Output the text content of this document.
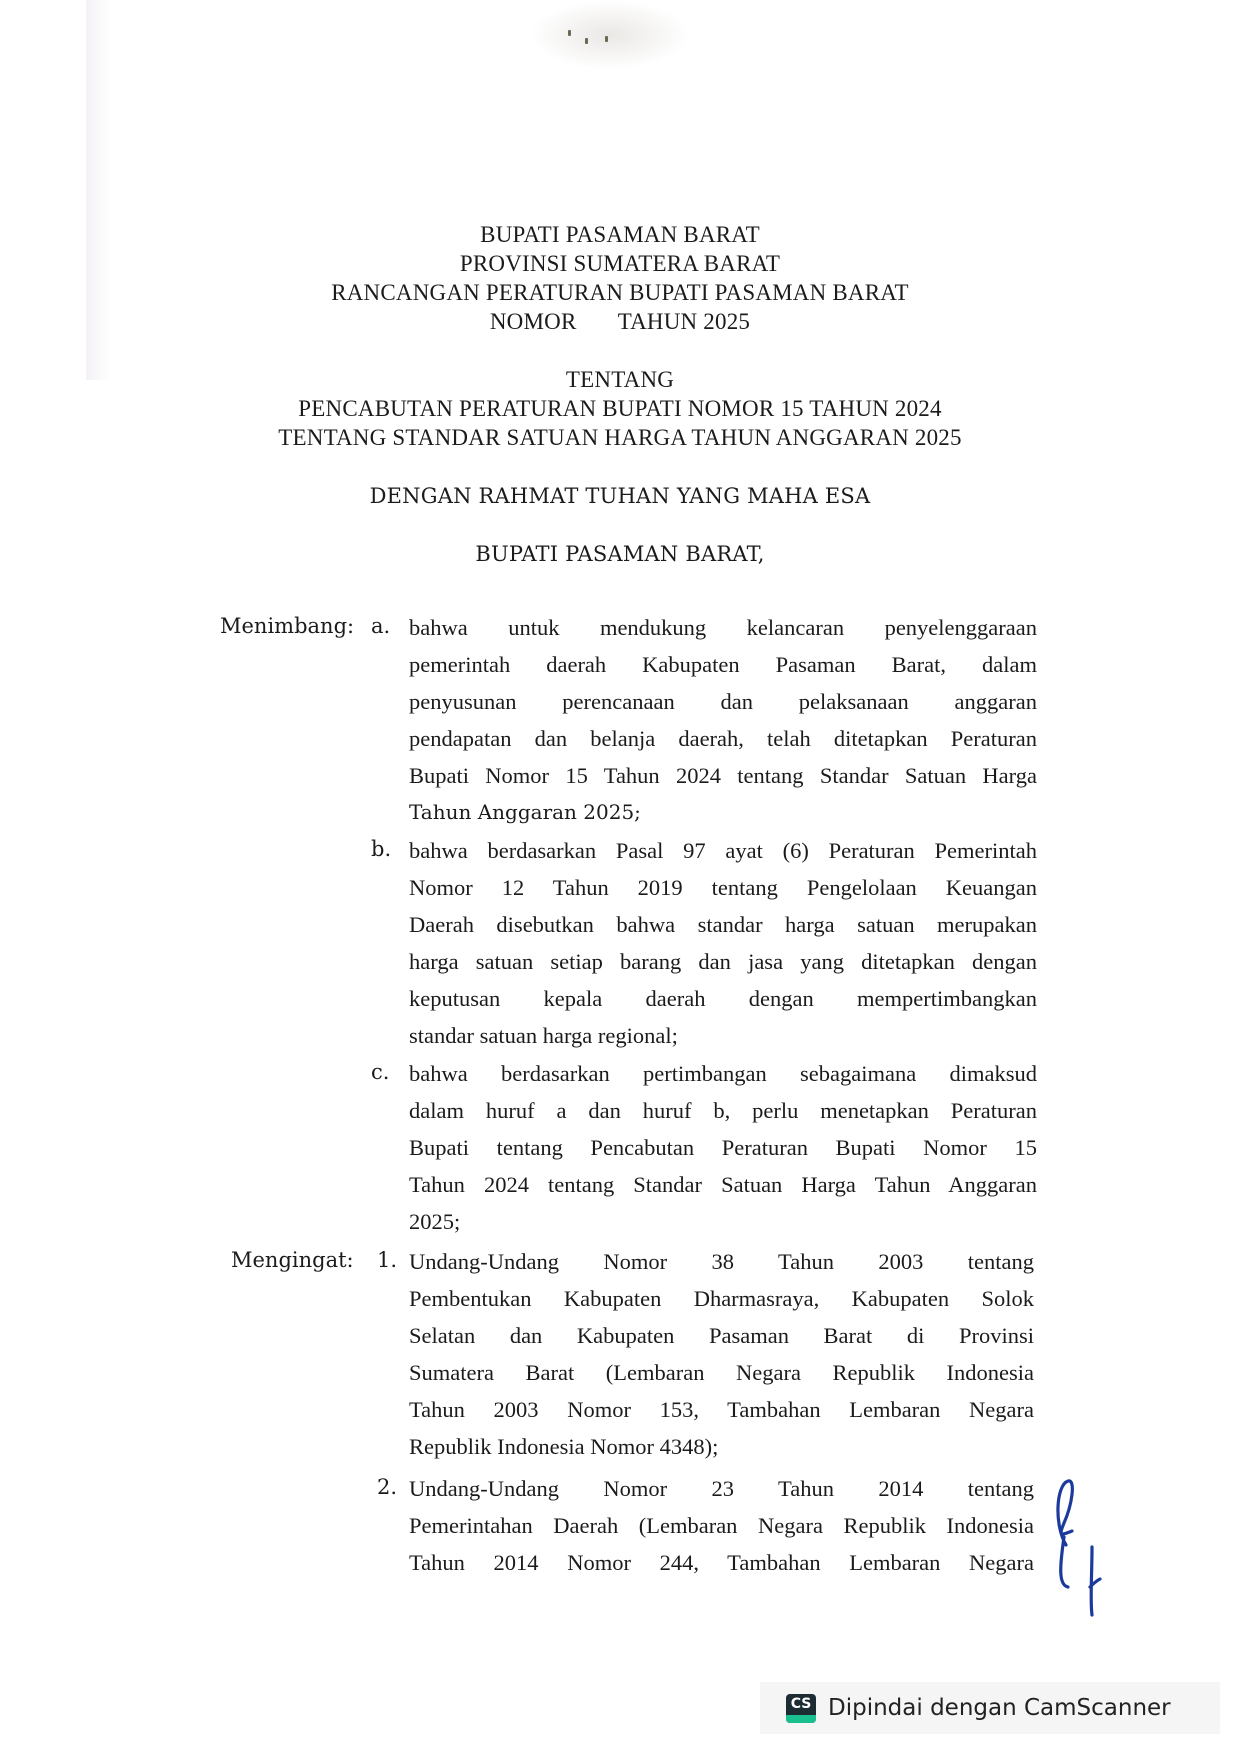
BUPATI PASAMAN BARAT
PROVINSI SUMATERA BARAT
RANCANGAN PERATURAN BUPATI PASAMAN BARAT
NOMOR       TAHUN 2025
TENTANG
PENCABUTAN PERATURAN BUPATI NOMOR 15 TAHUN 2024
TENTANG STANDAR SATUAN HARGA TAHUN ANGGARAN 2025
DENGAN RAHMAT TUHAN YANG MAHA ESA
BUPATI PASAMAN BARAT,
Menimbang: a. bahwa untuk mendukung kelancaran penyelenggaraan
pemerintah daerah Kabupaten Pasaman Barat, dalam
penyusunan perencanaan dan pelaksanaan anggaran
pendapatan dan belanja daerah, telah ditetapkan Peraturan
Bupati Nomor 15 Tahun 2024 tentang Standar Satuan Harga
Tahun Anggaran 2025;
b. bahwa berdasarkan Pasal 97 ayat (6) Peraturan Pemerintah
Nomor 12 Tahun 2019 tentang Pengelolaan Keuangan
Daerah disebutkan bahwa standar harga satuan merupakan
harga satuan setiap barang dan jasa yang ditetapkan dengan
keputusan kepala daerah dengan mempertimbangkan
standar satuan harga regional;
c. bahwa berdasarkan pertimbangan sebagaimana dimaksud
dalam huruf a dan huruf b, perlu menetapkan Peraturan
Bupati tentang Pencabutan Peraturan Bupati Nomor 15
Tahun 2024 tentang Standar Satuan Harga Tahun Anggaran
2025;
Mengingat: 1. Undang-Undang Nomor 38 Tahun 2003 tentang
Pembentukan Kabupaten Dharmasraya, Kabupaten Solok
Selatan dan Kabupaten Pasaman Barat di Provinsi
Sumatera Barat (Lembaran Negara Republik Indonesia
Tahun 2003 Nomor 153, Tambahan Lembaran Negara
Republik Indonesia Nomor 4348);
2. Undang-Undang Nomor 23 Tahun 2014 tentang
Pemerintahan Daerah (Lembaran Negara Republik Indonesia
Tahun 2014 Nomor 244, Tambahan Lembaran Negara
CS Dipindai dengan CamScanner
